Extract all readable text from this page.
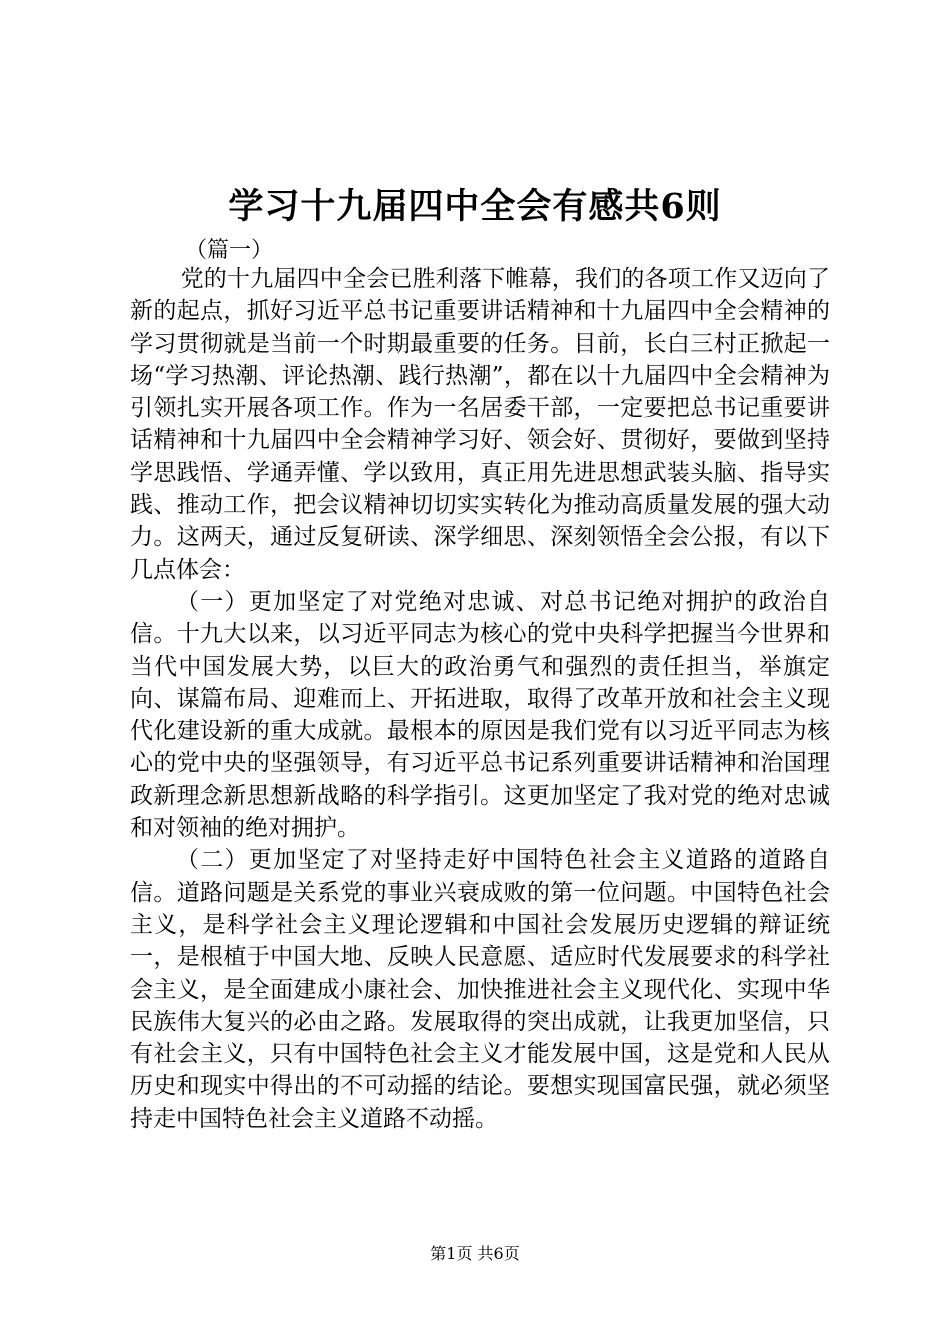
学习十九届四中全会有感共6则
（篇一）

党的十九届四中全会已胜利落下帷幕，我们的各项工作又迈向了新的起点，抓好习近平总书记重要讲话精神和十九届四中全会精神的学习贯彻就是当前一个时期最重要的任务。目前，长白三村正掀起一场“学习热潮、评论热潮、践行热潮”，都在以十九届四中全会精神为引领扎实开展各项工作。作为一名居委干部，一定要把总书记重要讲话精神和十九届四中全会精神学习好、领会好、贯彻好，要做到坚持学思践悟、学通弄懂、学以致用，真正用先进思想武装头脑、指导实践、推动工作，把会议精神切切实实转化为推动高质量发展的强大动力。这两天，通过反复研读、深学细思、深刻领悟全会公报，有以下几点体会：

（一）更加坚定了对党绝对忠诚、对总书记绝对拥护的政治自信。十九大以来，以习近平同志为核心的党中央科学把握当今世界和当代中国发展大势，以巨大的政治勇气和强烈的责任担当，举旗定向、谋篇布局、迎难而上、开拓进取，取得了改革开放和社会主义现代化建设新的重大成就。最根本的原因是我们党有以习近平同志为核心的党中央的坚强领导，有习近平总书记系列重要讲话精神和治国理政新理念新思想新战略的科学指引。这更加坚定了我对党的绝对忠诚和对领袖的绝对拥护。

（二）更加坚定了对坚持走好中国特色社会主义道路的道路自信。道路问题是关系党的事业兴衰成败的第一位问题。中国特色社会主义，是科学社会主义理论逻辑和中国社会发展历史逻辑的辩证统一，是根植于中国大地、反映人民意愿、适应时代发展要求的科学社会主义，是全面建成小康社会、加快推进社会主义现代化、实现中华民族伟大复兴的必由之路。发展取得的突出成就，让我更加坚信，只有社会主义，只有中国特色社会主义才能发展中国，这是党和人民从历史和现实中得出的不可动摇的结论。要想实现国富民强，就必须坚持走中国特色社会主义道路不动摇。

第1页 共6页
